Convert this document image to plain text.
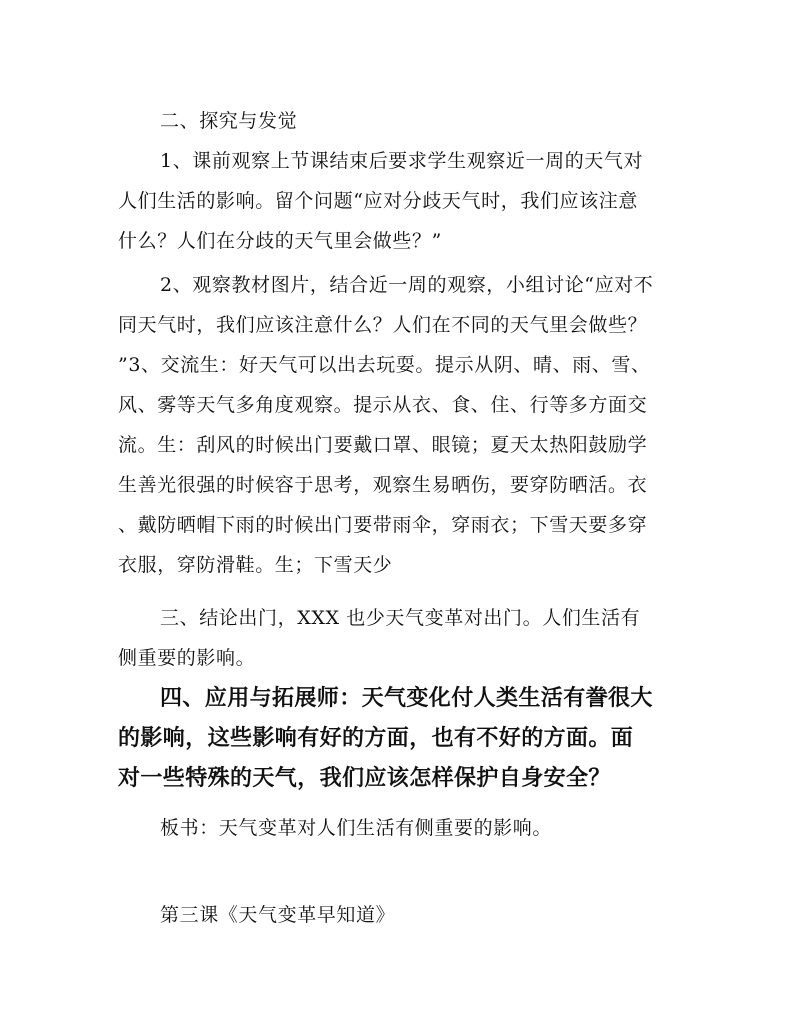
二、探究与发觉

1、课前观察上节课结束后要求学生观察近一周的天气对
人们生活的影响。留个问题“应对分歧天气时，我们应该注意
什么？人们在分歧的天气里会做些？”

2、观察教材图片，结合近一周的观察，小组讨论“应对不
同天气时，我们应该注意什么？人们在不同的天气里会做些？
”3、交流生：好天气可以出去玩耍。提示从阴、晴、雨、雪、
风、雾等天气多角度观察。提示从衣、食、住、行等多方面交
流。生：刮风的时候出门要戴口罩、眼镜；夏天太热阳鼓励学
生善光很强的时候容于思考，观察生易晒伤，要穿防晒活。衣
、戴防晒帽下雨的时候出门要带雨伞，穿雨衣；下雪天要多穿
衣服，穿防滑鞋。生；下雪天少

三、结论出门，XXX 也少天气变革对出门。人们生活有
侧重要的影响。

四、应用与拓展师：天气变化付人类生活有誊很大
的影响，这些影响有好的方面，也有不好的方面。面
对一些特殊的天气，我们应该怎样保护自身安全？

板书：天气变革对人们生活有侧重要的影响。

第三课《天气变革早知道》
